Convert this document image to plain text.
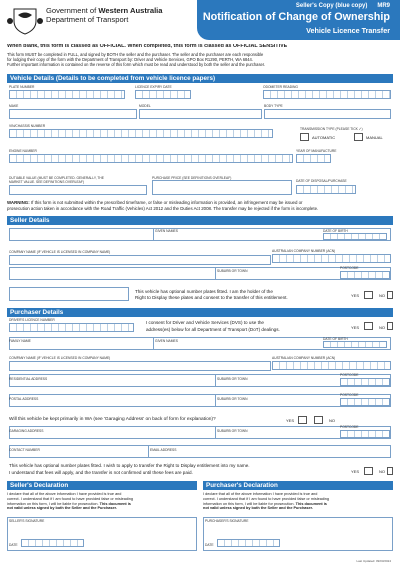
Government of Western Australia
Department of Transport
Seller's Copy (blue copy) MR9
Notification of Change of Ownership
Vehicle Licence Transfer
When blank, this form is classed as OFFICIAL. When completed, this form is classed as OFFICIAL SENSITIVE
This form MUST be completed in FULL, and signed by BOTH the seller and the purchaser. The seller and the purchaser are each responsible
for lodging their copy of the form with the Department of Transport by: Driver and Vehicle Services, GPO Box R1290, PERTH, WA 6844.
Further important information is contained on the reverse of this form which must be read and understood by both the seller and the purchaser.
Vehicle Details (Details to be completed from vehicle licence papers)
PLATE NUMBER	LICENCE EXPIRY DATE	ODOMETER READING
MAKE	MODEL	BODY TYPE
VIN/CHASSIS NUMBER
TRANSMISSION TYPE (PLEASE TICK ✓)
AUTOMATIC	MANUAL
ENGINE NUMBER	YEAR OF MANUFACTURE
DUTIABLE VALUE (MUST BE COMPLETED. GENERALLY, THE
MARKET VALUE. SEE DEFINITIONS OVERLEAF)
PURCHASE PRICE (SEE DEFINITIONS OVERLEAF)
DATE OF DISPOSAL/PURCHASE
WARNING: If this form is not submitted within the prescribed timeframe, or false or misleading information is provided, an infringement may be issued or
prosecution action taken in accordance with the Road Traffic (Vehicles) Act 2012 and the Duties Act 2008. The transfer may be rejected if the form is incomplete.
Seller Details
GIVEN NAMES	DATE OF BIRTH
COMPANY NAME (IF VEHICLE IS LICENSED IN COMPANY NAME)	AUSTRALIAN COMPANY NUMBER (ACN)
SUBURB OR TOWN
POSTCODE
This vehicle has optional number plates fitted. I am the holder of the
Right to Display these plates and consent to the transfer of this entitlement.	YES	NO
Purchaser Details
DRIVER'S LICENCE NUMBER	I consent for Driver and Vehicle Services (DVS) to use the
address(es) below for all Department of Transport (DoT) dealings.	YES	NO
FAMILY NAME	GIVEN NAMES	DATE OF BIRTH
COMPANY NAME (IF VEHICLE IS LICENSED IN COMPANY NAME)	AUSTRALIAN COMPANY NUMBER (ACN)
RESIDENTIAL ADDRESS	SUBURB OR TOWN
POSTCODE
POSTAL ADDRESS	SUBURB OR TOWN
POSTCODE
Will this vehicle be kept primarily in WA (see 'Garaging Address' on back of form for explanation)?	YES	NO
GARAGING ADDRESS	SUBURB OR TOWN
POSTCODE
CONTACT NUMBER	EMAIL ADDRESS
This vehicle has optional number plates fitted. I wish to apply to transfer the Right to Display entitlement into my name.
I understand that fees will apply, and the transfer is not confirmed until these fees are paid.	YES	NO
Seller's Declaration	Purchaser's Declaration
I declare that all of the above information I have provided is true and
correct. I understand that if I am found to have provided false or misleading
information on this form, I will be liable for prosecution. This document is
not valid unless signed by both the Seller and the Purchaser.
I declare that all of the above information I have provided is true and
correct. I understand that if I am found to have provided false or misleading
information on this form, I will be liable for prosecution. This document is
not valid unless signed by both the Seller and the Purchaser.
SELLER'S SIGNATURE
DATE
PURCHASER'S SIGNATURE
DATE
Last Updated: 09/03/2024
